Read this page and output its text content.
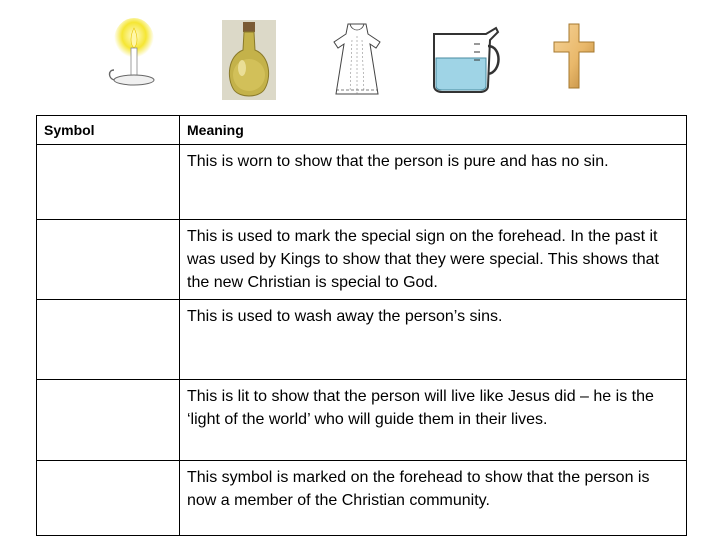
Symbol	Meaning

	This is worn to show that the person is pure and has no sin.

	This is used to mark the special sign on the forehead. In the past it was used by Kings to show that they were special. This shows that the new Christian is special to God.

	This is used to wash away the person’s sins.

	This is lit to show that the person will live like Jesus did – he is the ‘light of the world’ who will guide them in their lives.

	This symbol is marked on the forehead to show that the person is now a member of the Christian community.
